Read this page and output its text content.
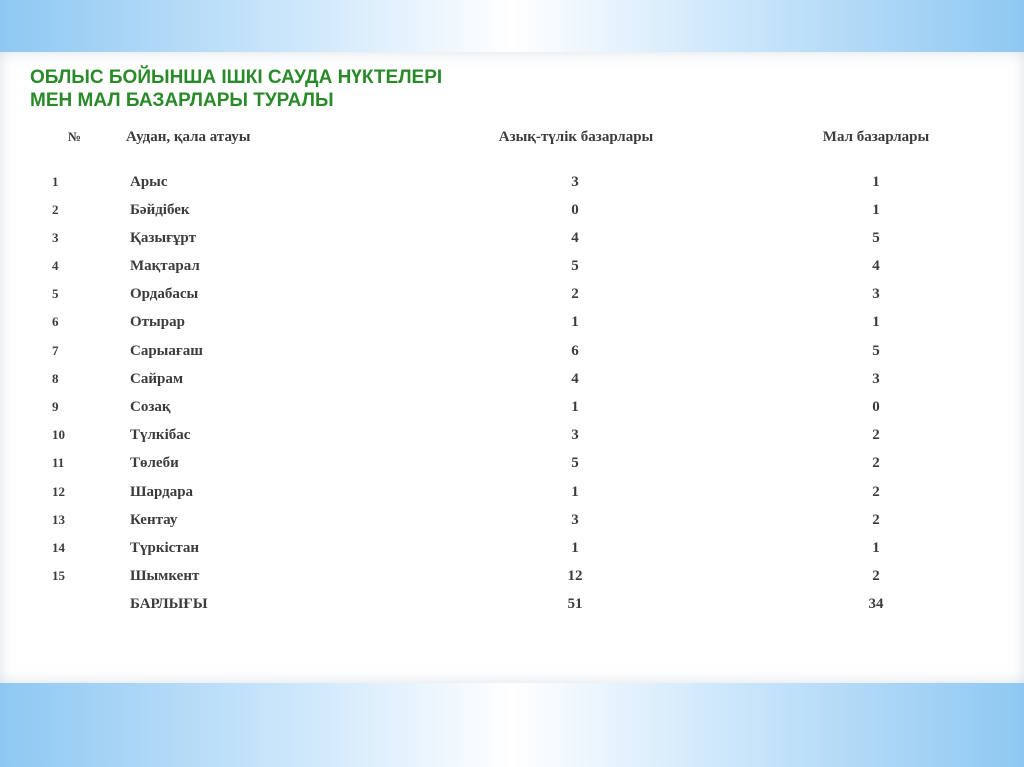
ОБЛЫС БОЙЫНША ІШКІ САУДА НҮКТЕЛЕРІ
МЕН МАЛ БАЗАРЛАРЫ ТУРАЛЫ
№	Аудан, қала атауы	Азық-түлік базарлары	Мал базарлары
1	Арыс	3	1
2	Бәйдібек	0	1
3	Қазығұрт	4	5
4	Мақтарал	5	4
5	Ордабасы	2	3
6	Отырар	1	1
7	Сарыағаш	6	5
8	Сайрам	4	3
9	Созақ	1	0
10	Түлкібас	3	2
11	Төлеби	5	2
12	Шардара	1	2
13	Кентау	3	2
14	Түркістан	1	1
15	Шымкент	12	2
БАРЛЫҒЫ	51	34
